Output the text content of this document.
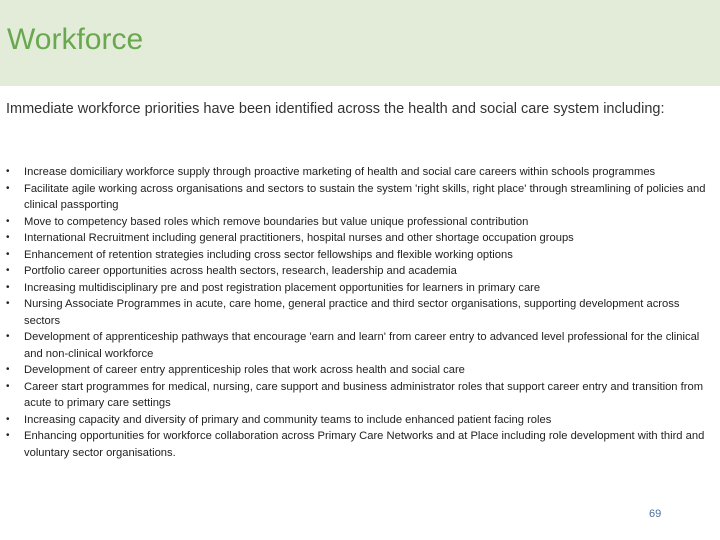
Workforce

Immediate workforce priorities have been identified across the health and social care system including:

•	Increase domiciliary workforce supply through proactive marketing of health and social care careers within schools programmes
•	Facilitate agile working across organisations and sectors to sustain the system 'right skills, right place' through streamlining of policies and clinical passporting
•	Move to competency based roles which remove boundaries but value unique professional contribution
•	International Recruitment including general practitioners, hospital nurses and other shortage occupation groups
•	Enhancement of retention strategies including cross sector fellowships and flexible working options
•	Portfolio career opportunities across health sectors, research, leadership and academia
•	Increasing multidisciplinary pre and post registration placement opportunities for learners in primary care
•	Nursing Associate Programmes in acute, care home, general practice and third sector organisations, supporting development across sectors
•	Development of apprenticeship pathways that encourage 'earn and learn' from career entry to advanced level professional for the clinical and non-clinical workforce
•	Development of career entry apprenticeship roles that work across health and social care
•	Career start programmes for medical, nursing, care support and business administrator roles that support career entry and transition from acute to primary care settings
•	Increasing capacity and diversity of primary and community teams to include enhanced patient facing roles
•	Enhancing opportunities for workforce collaboration across Primary Care Networks and at Place including role development with third and voluntary sector organisations.
69
